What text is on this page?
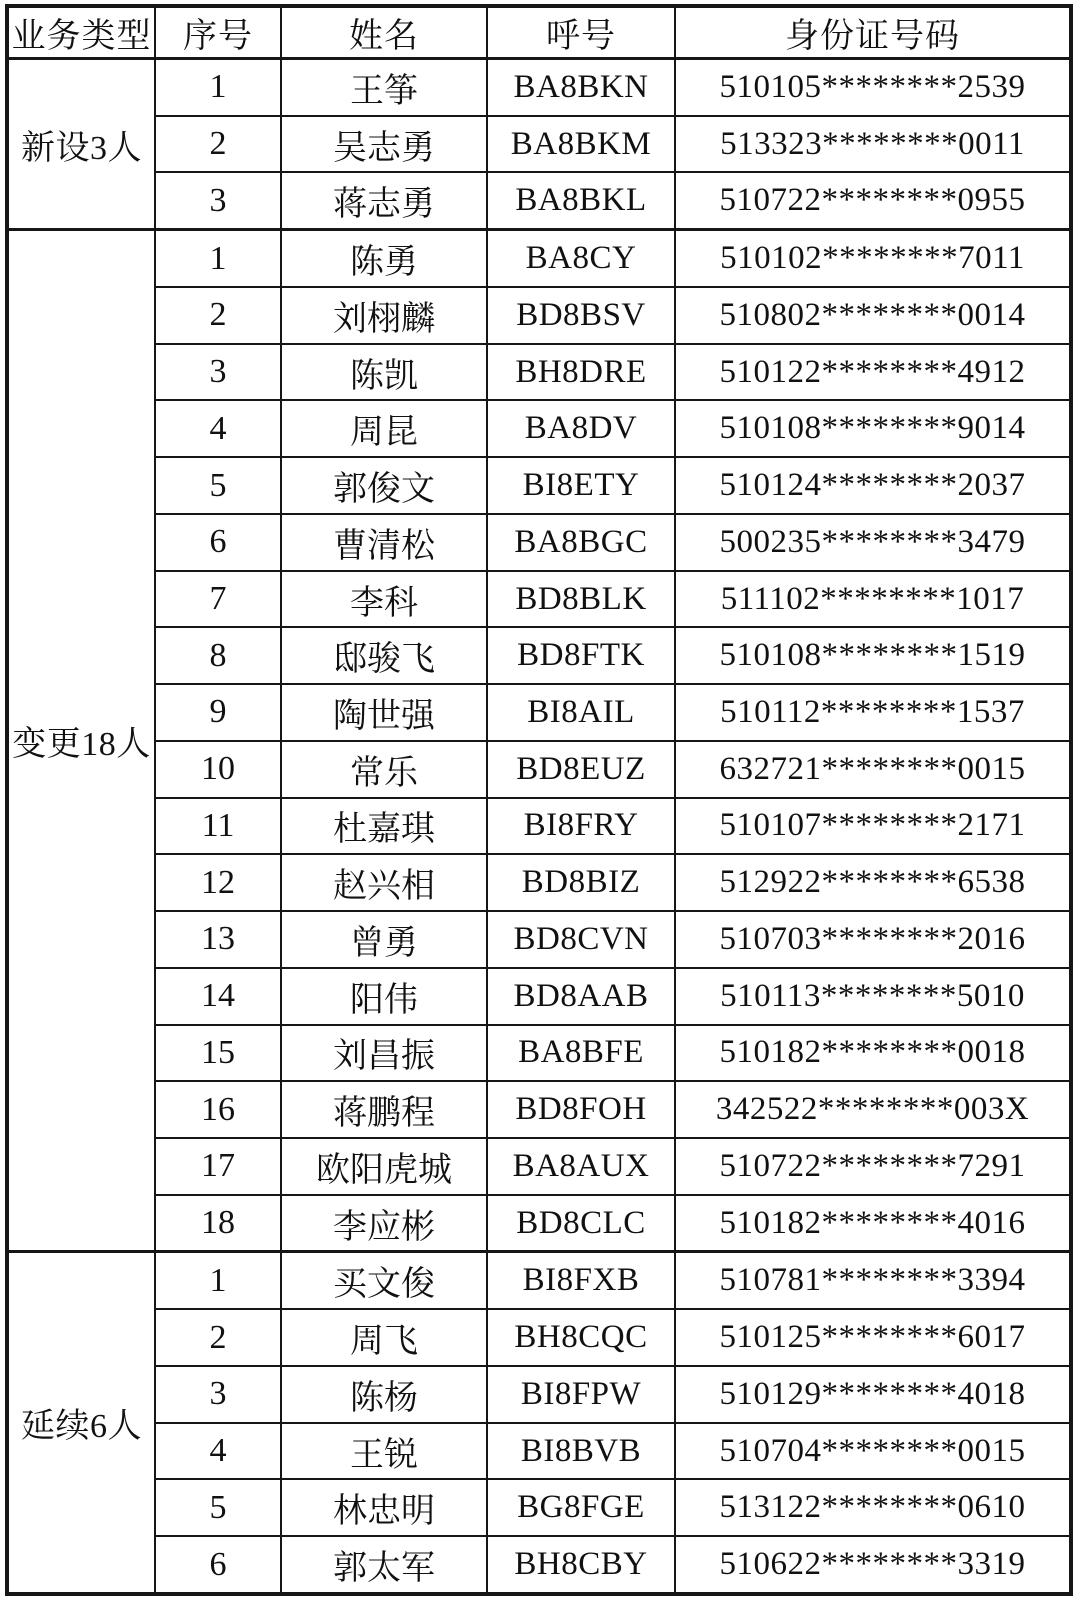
业务类型	序号	姓名	呼号	身份证号码
新设3人	1	王筝	BA8BKN	510105********2539
	2	吴志勇	BA8BKM	513323********0011
	3	蒋志勇	BA8BKL	510722********0955
变更18人	1	陈勇	BA8CY	510102********7011
	2	刘栩麟	BD8BSV	510802********0014
	3	陈凯	BH8DRE	510122********4912
	4	周昆	BA8DV	510108********9014
	5	郭俊文	BI8ETY	510124********2037
	6	曹清松	BA8BGC	500235********3479
	7	李科	BD8BLK	511102********1017
	8	邸骏飞	BD8FTK	510108********1519
	9	陶世强	BI8AIL	510112********1537
	10	常乐	BD8EUZ	632721********0015
	11	杜嘉琪	BI8FRY	510107********2171
	12	赵兴相	BD8BIZ	512922********6538
	13	曾勇	BD8CVN	510703********2016
	14	阳伟	BD8AAB	510113********5010
	15	刘昌振	BA8BFE	510182********0018
	16	蒋鹏程	BD8FOH	342522********003X
	17	欧阳虎城	BA8AUX	510722********7291
	18	李应彬	BD8CLC	510182********4016
延续6人	1	买文俊	BI8FXB	510781********3394
	2	周飞	BH8CQC	510125********6017
	3	陈杨	BI8FPW	510129********4018
	4	王锐	BI8BVB	510704********0015
	5	林忠明	BG8FGE	513122********0610
	6	郭太军	BH8CBY	510622********3319
